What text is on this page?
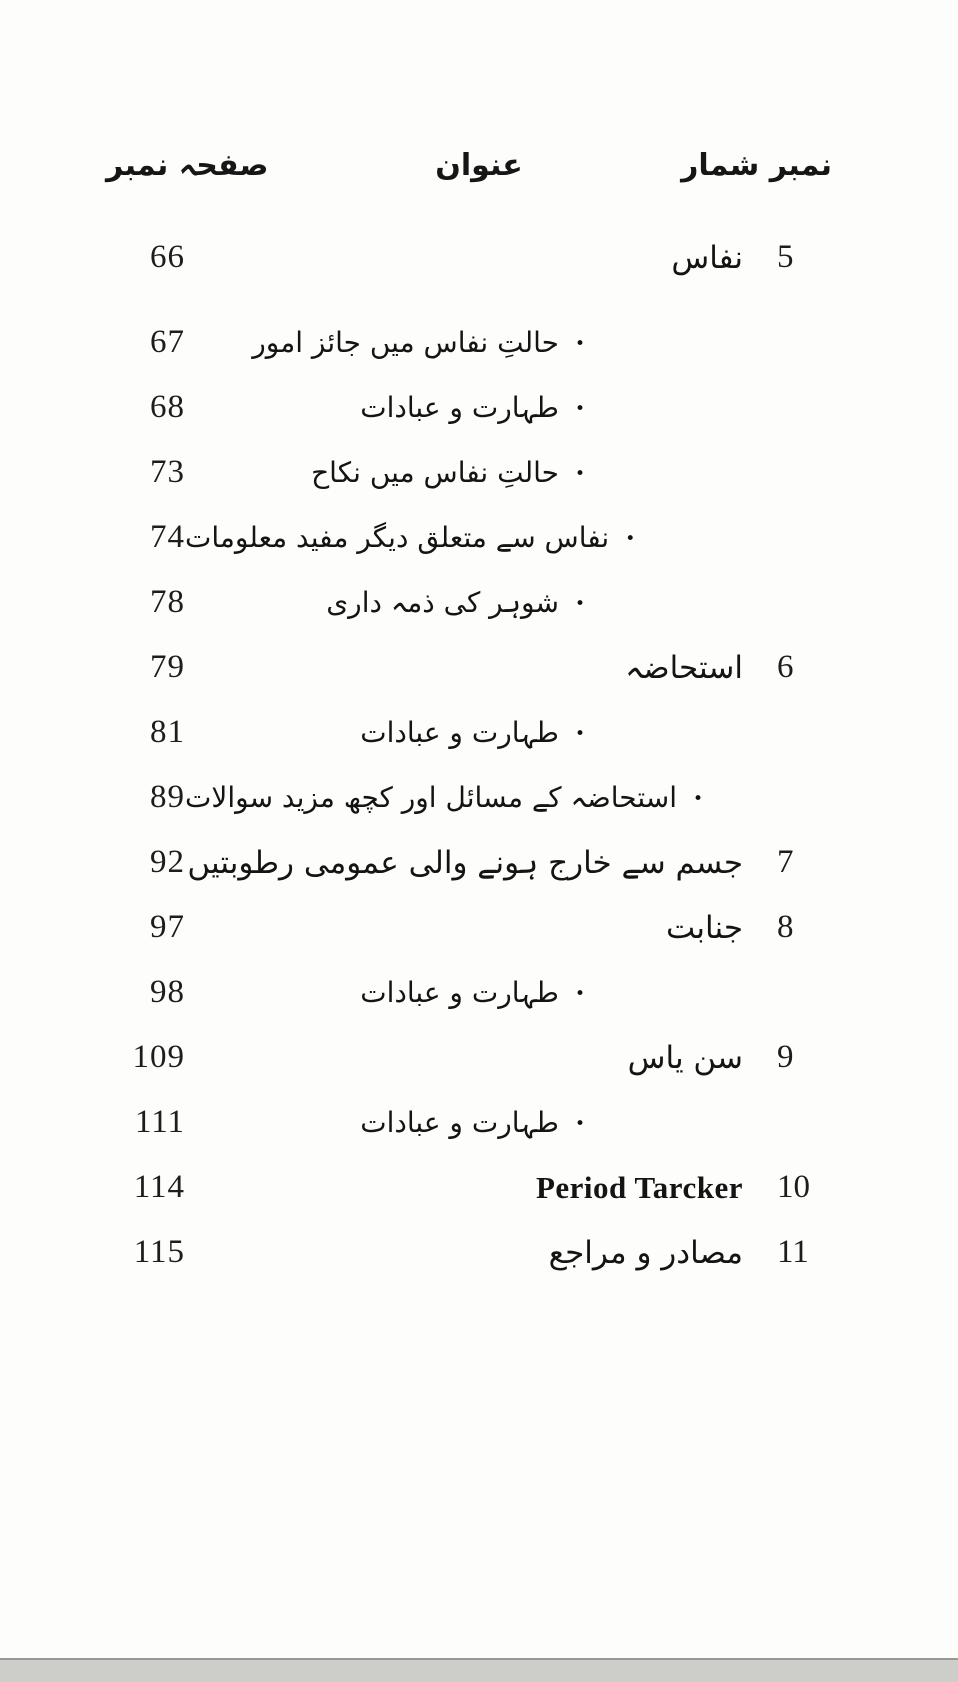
صفحہ نمبر	عنوان	نمبر شمار
66	نفاس	5
67	•حالتِ نفاس میں جائز امور
68	•طہارت و عبادات
73	•حالتِ نفاس میں نکاح
74	•نفاس سے متعلق دیگر مفید معلومات
78	•شوہر کی ذمہ داری
79	استحاضہ	6
81	•طہارت و عبادات
89	•استحاضہ کے مسائل اور کچھ مزید سوالات
92 جسم سے خارج ہونے والی عمومی رطوبتیں	7
97	جنابت	8
98	•طہارت و عبادات
109	سن یاس	9
111	•طہارت و عبادات
114	Period Tarcker	10
115	مصادر و مراجع	11
